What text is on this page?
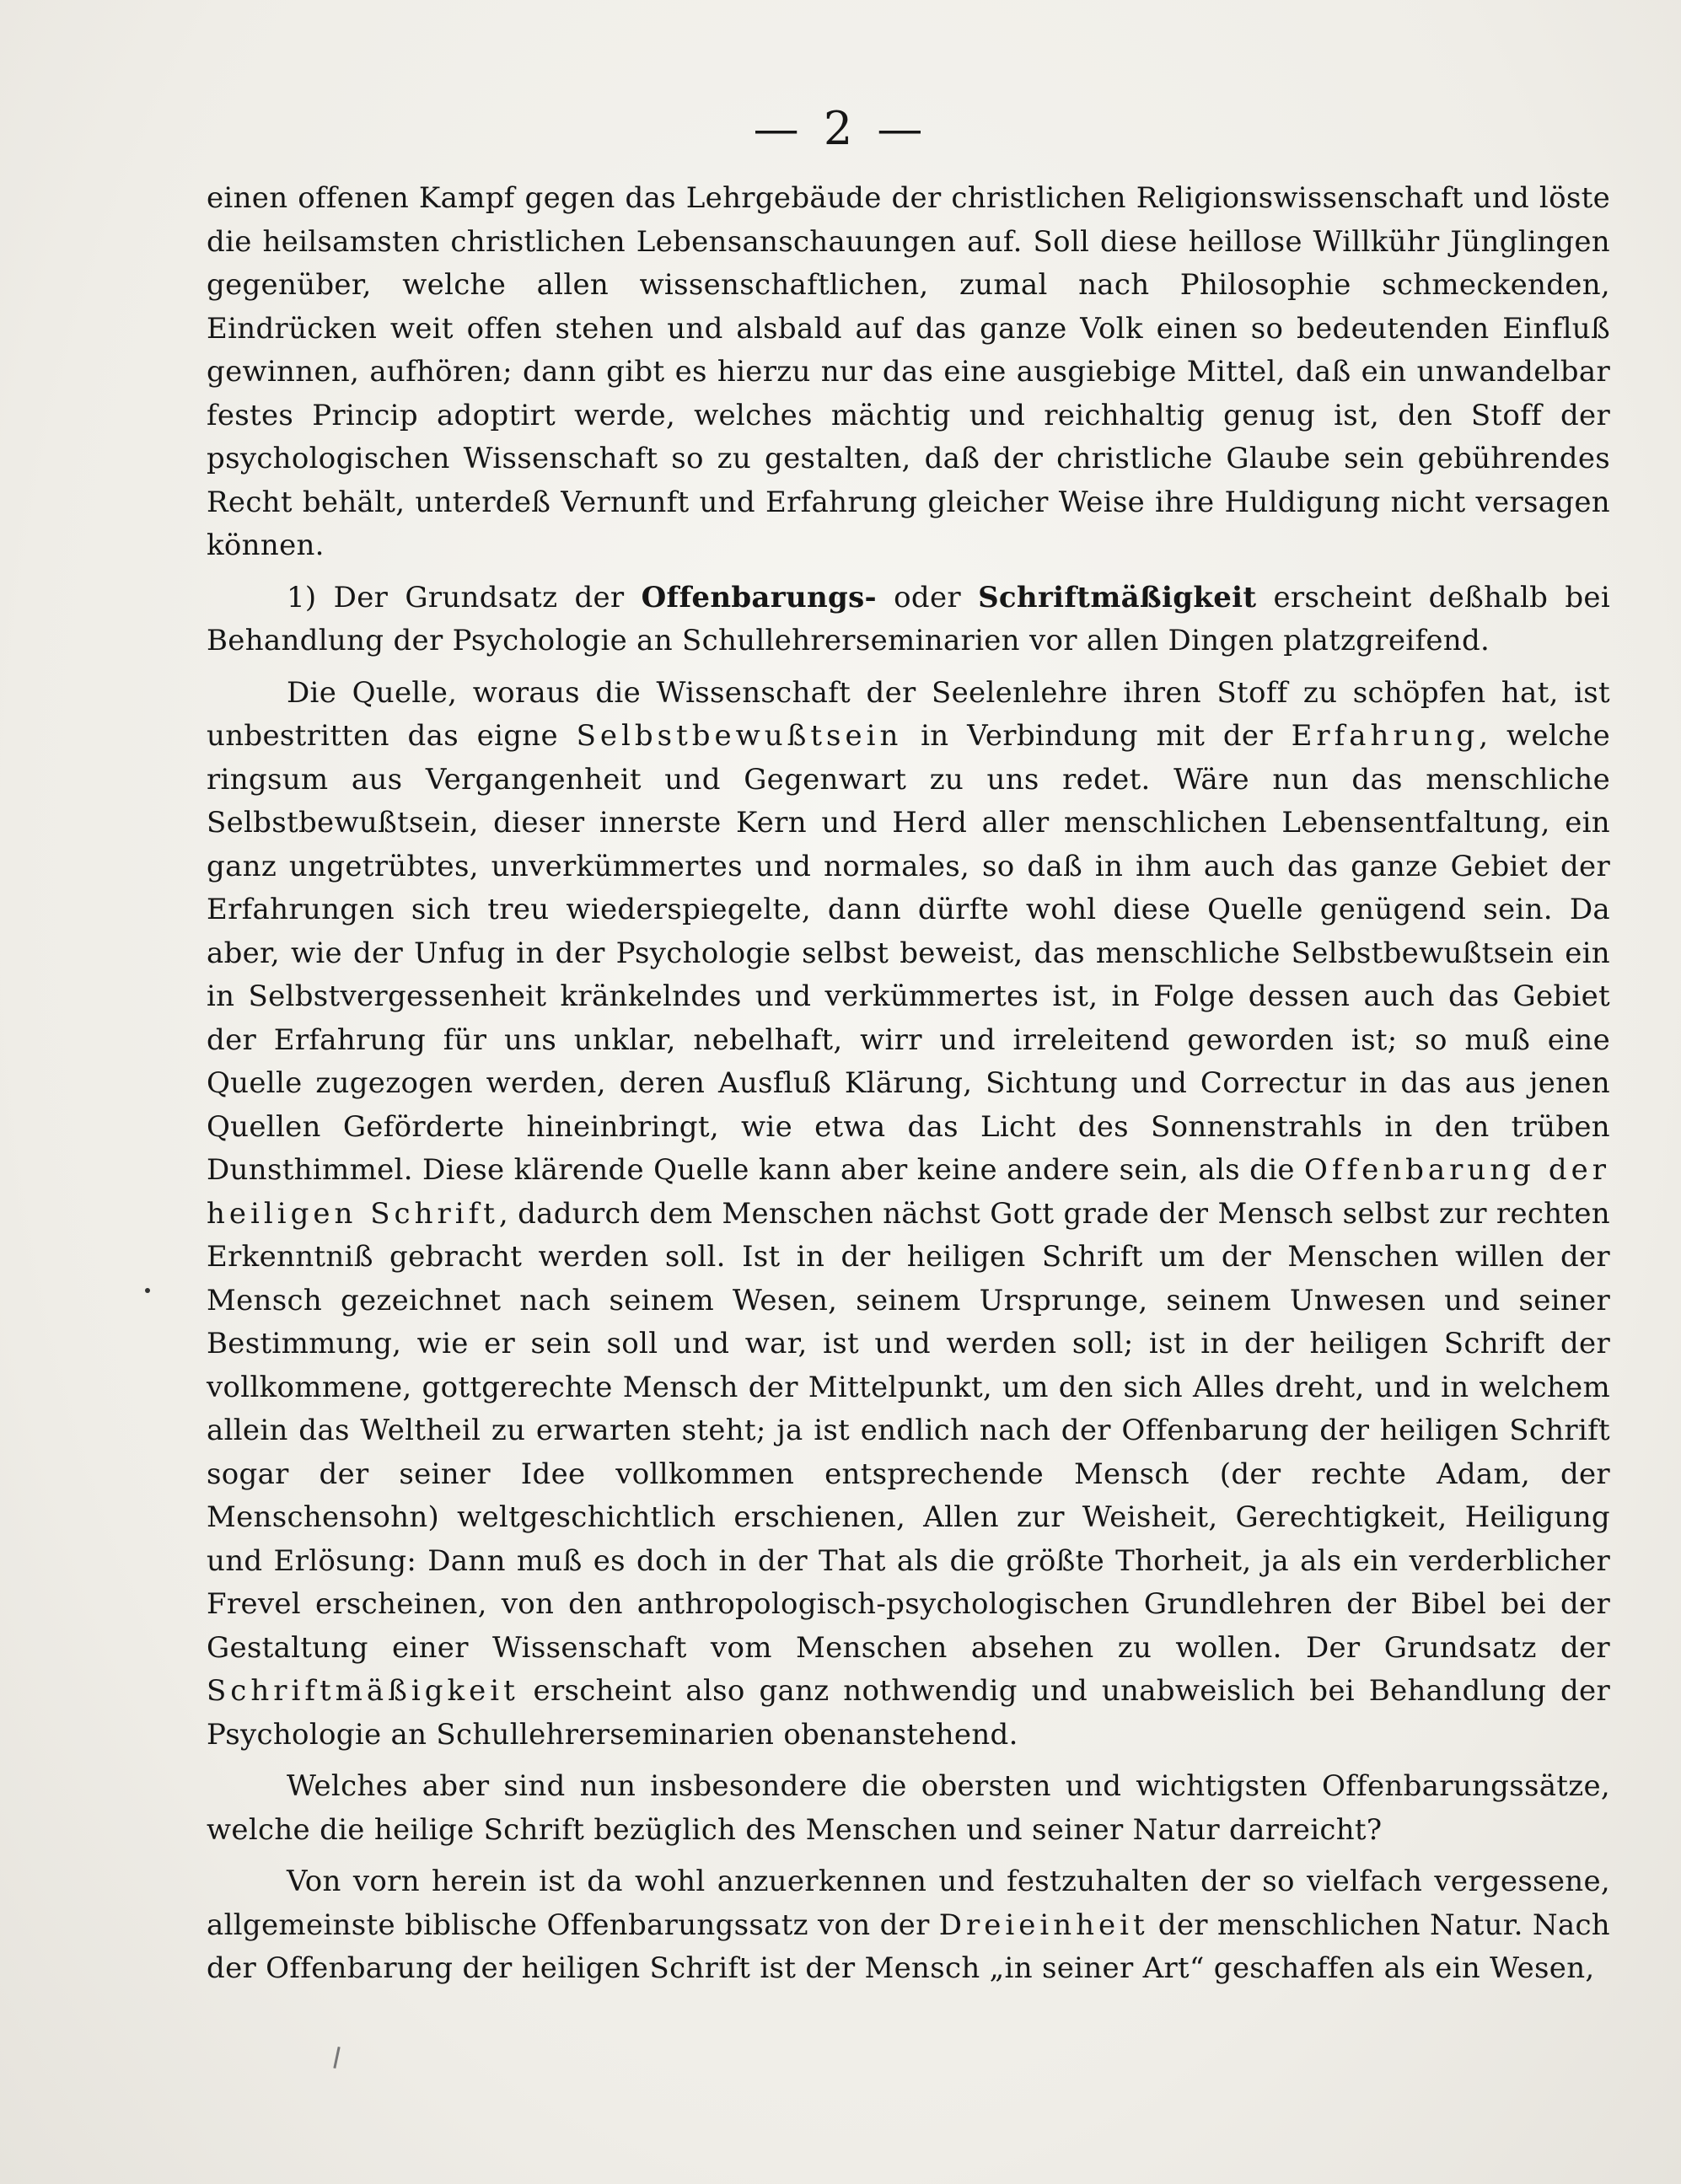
— 2 —

einen offenen Kampf gegen das Lehrgebäude der christlichen Religionswissenschaft und löste die heilsamsten christlichen Lebensanschauungen auf. Soll diese heillose Willkühr Jünglingen gegenüber, welche allen wissenschaftlichen, zumal nach Philosophie schmeckenden, Eindrücken weit offen stehen und alsbald auf das ganze Volk einen so bedeutenden Einfluß gewinnen, aufhören; dann gibt es hierzu nur das eine ausgiebige Mittel, daß ein unwandelbar festes Princip adoptirt werde, welches mächtig und reichhaltig genug ist, den Stoff der psychologischen Wissenschaft so zu gestalten, daß der christliche Glaube sein gebührendes Recht behält, unterdeß Vernunft und Erfahrung gleicher Weise ihre Huldigung nicht versagen können.

1) Der Grundsatz der Offenbarungs- oder Schriftmäßigkeit erscheint deßhalb bei Behandlung der Psychologie an Schullehrerseminarien vor allen Dingen platzgreifend.

Die Quelle, woraus die Wissenschaft der Seelenlehre ihren Stoff zu schöpfen hat, ist unbestritten das eigne Selbstbewußtsein in Verbindung mit der Erfahrung, welche ringsum aus Vergangenheit und Gegenwart zu uns redet. Wäre nun das menschliche Selbstbewußtsein, dieser innerste Kern und Herd aller menschlichen Lebensentfaltung, ein ganz ungetrübtes, unverkümmertes und normales, so daß in ihm auch das ganze Gebiet der Erfahrungen sich treu wiederspiegelte, dann dürfte wohl diese Quelle genügend sein. Da aber, wie der Unfug in der Psychologie selbst beweist, das menschliche Selbstbewußtsein ein in Selbstvergessenheit kränkelndes und verkümmertes ist, in Folge dessen auch das Gebiet der Erfahrung für uns unklar, nebelhaft, wirr und irreleitend geworden ist; so muß eine Quelle zugezogen werden, deren Ausfluß Klärung, Sichtung und Correctur in das aus jenen Quellen Geförderte hineinbringt, wie etwa das Licht des Sonnenstrahls in den trüben Dunsthimmel. Diese klärende Quelle kann aber keine andere sein, als die Offenbarung der heiligen Schrift, dadurch dem Menschen nächst Gott grade der Mensch selbst zur rechten Erkenntniß gebracht werden soll. Ist in der heiligen Schrift um der Menschen willen der Mensch gezeichnet nach seinem Wesen, seinem Ursprunge, seinem Unwesen und seiner Bestimmung, wie er sein soll und war, ist und werden soll; ist in der heiligen Schrift der vollkommene, gottgerechte Mensch der Mittelpunkt, um den sich Alles dreht, und in welchem allein das Weltheil zu erwarten steht; ja ist endlich nach der Offenbarung der heiligen Schrift sogar der seiner Idee vollkommen entsprechende Mensch (der rechte Adam, der Menschensohn) weltgeschichtlich erschienen, Allen zur Weisheit, Gerechtigkeit, Heiligung und Erlösung: Dann muß es doch in der That als die größte Thorheit, ja als ein verderblicher Frevel erscheinen, von den anthropologisch-psychologischen Grundlehren der Bibel bei der Gestaltung einer Wissenschaft vom Menschen absehen zu wollen. Der Grundsatz der Schriftmäßigkeit erscheint also ganz nothwendig und unabweislich bei Behandlung der Psychologie an Schullehrerseminarien obenanstehend.

Welches aber sind nun insbesondere die obersten und wichtigsten Offenbarungssätze, welche die heilige Schrift bezüglich des Menschen und seiner Natur darreicht?

Von vorn herein ist da wohl anzuerkennen und festzuhalten der so vielfach vergessene, allgemeinste biblische Offenbarungssatz von der Dreieinheit der menschlichen Natur. Nach der Offenbarung der heiligen Schrift ist der Mensch „in seiner Art“ geschaffen als ein Wesen,
